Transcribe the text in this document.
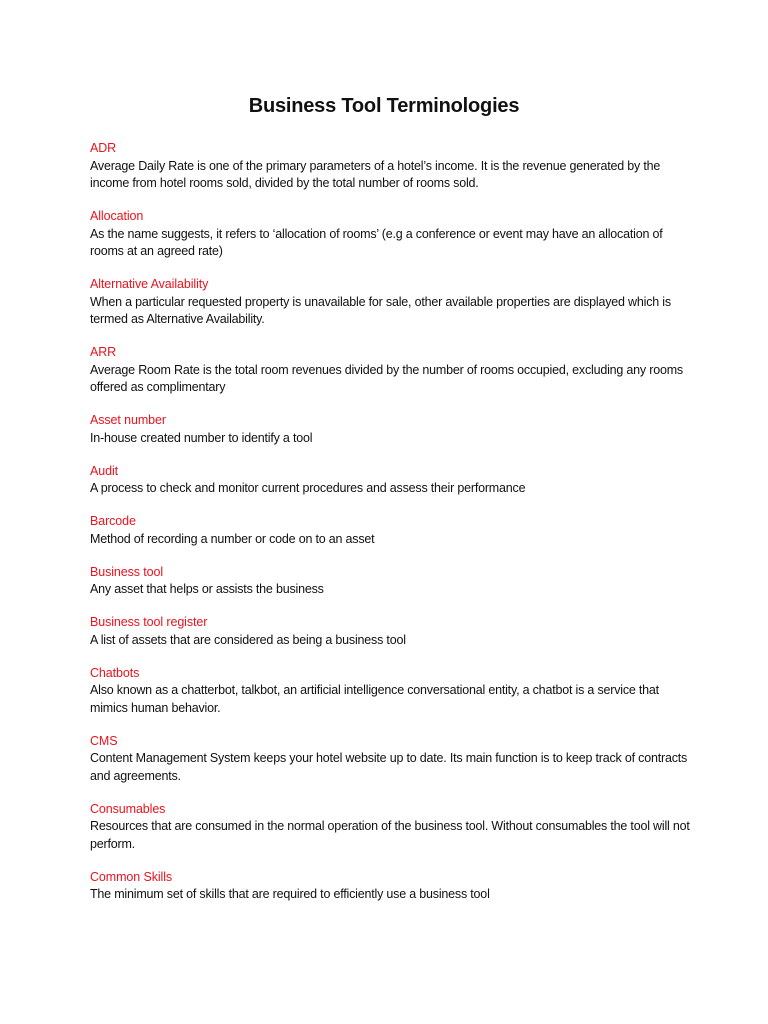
Business Tool Terminologies
ADR
Average Daily Rate is one of the primary parameters of a hotel’s income. It is the revenue generated by the income from hotel rooms sold, divided by the total number of rooms sold.
Allocation
As the name suggests, it refers to ‘allocation of rooms’ (e.g a conference or event may have an allocation of rooms at an agreed rate)
Alternative Availability
When a particular requested property is unavailable for sale, other available properties are displayed which is termed as Alternative Availability.
ARR
Average Room Rate is the total room revenues divided by the number of rooms occupied, excluding any rooms offered as complimentary
Asset number
In-house created number to identify a tool
Audit
A process to check and monitor current procedures and assess their performance
Barcode
Method of recording a number or code on to an asset
Business tool
Any asset that helps or assists the business
Business tool register
A list of assets that are considered as being a business tool
Chatbots
Also known as a chatterbot, talkbot, an artificial intelligence conversational entity, a chatbot is a service that mimics human behavior.
CMS
Content Management System keeps your hotel website up to date. Its main function is to keep track of contracts and agreements.
Consumables
Resources that are consumed in the normal operation of the business tool. Without consumables the tool will not perform.
Common Skills
The minimum set of skills that are required to efficiently use a business tool
